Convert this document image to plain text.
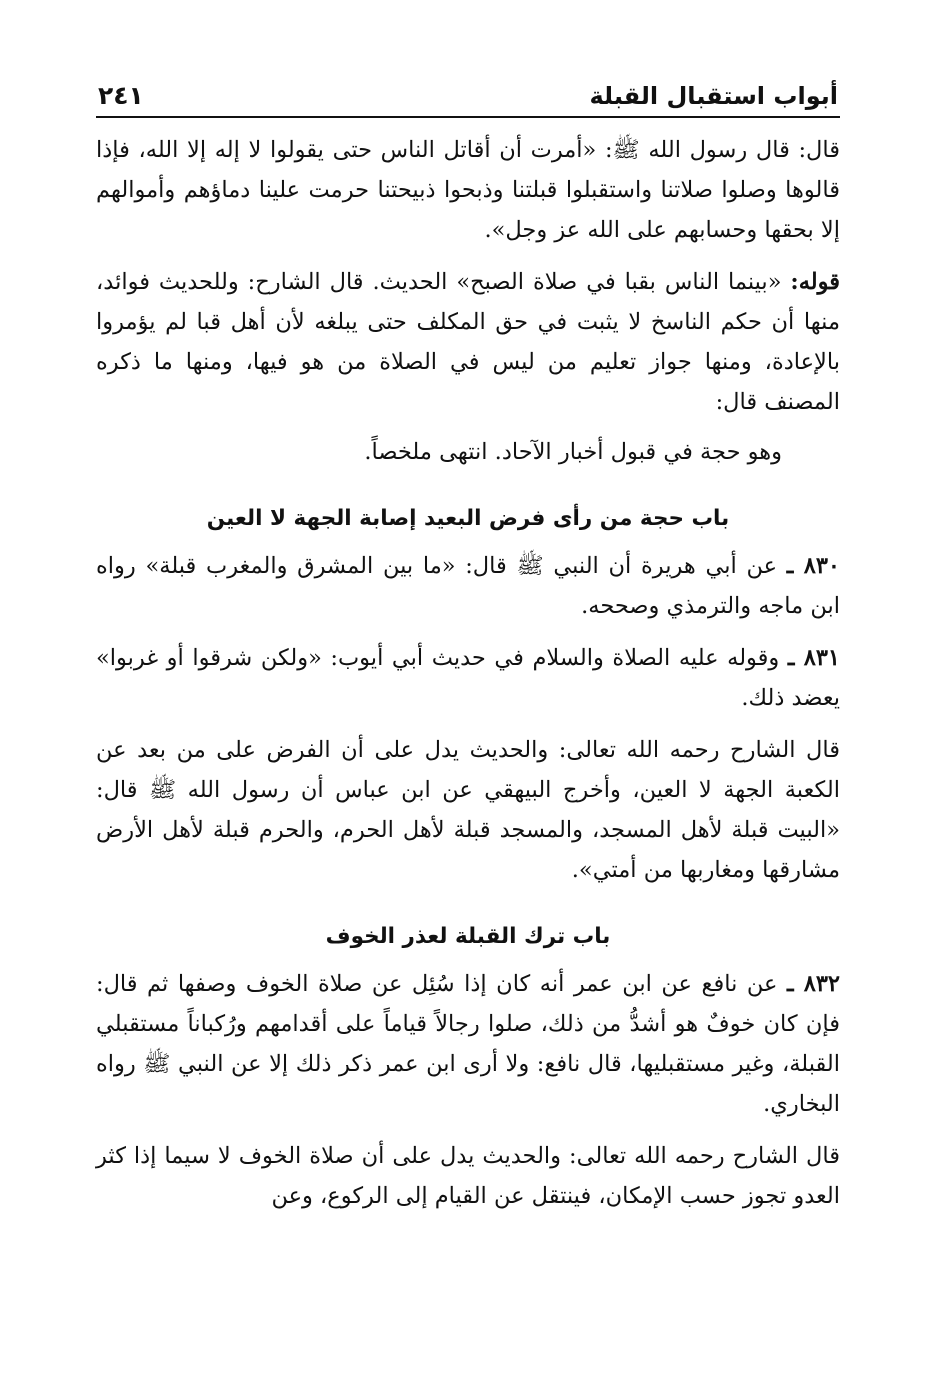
أبواب استقبال القبلة
٢٤١

قال: قال رسول الله ﷺ: «أمرت أن أقاتل الناس حتى يقولوا لا إله إلا الله، فإذا قالوها وصلوا صلاتنا واستقبلوا قبلتنا وذبحوا ذبيحتنا حرمت علينا دماؤهم وأموالهم إلا بحقها وحسابهم على الله عز وجل».

قوله: «بينما الناس بقبا في صلاة الصبح» الحديث. قال الشارح: وللحديث فوائد، منها أن حكم الناسخ لا يثبت في حق المكلف حتى يبلغه لأن أهل قبا لم يؤمروا بالإعادة، ومنها جواز تعليم من ليس في الصلاة من هو فيها، ومنها ما ذكره المصنف قال:

وهو حجة في قبول أخبار الآحاد. انتهى ملخصاً.

باب حجة من رأى فرض البعيد إصابة الجهة لا العين

٨٣٠ ـ عن أبي هريرة أن النبي ﷺ قال: «ما بين المشرق والمغرب قبلة» رواه ابن ماجه والترمذي وصححه.

٨٣١ ـ وقوله عليه الصلاة والسلام في حديث أبي أيوب: «ولكن شرقوا أو غربوا» يعضد ذلك.

قال الشارح رحمه الله تعالى: والحديث يدل على أن الفرض على من بعد عن الكعبة الجهة لا العين، وأخرج البيهقي عن ابن عباس أن رسول الله ﷺ قال: «البيت قبلة لأهل المسجد، والمسجد قبلة لأهل الحرم، والحرم قبلة لأهل الأرض مشارقها ومغاربها من أمتي».

باب ترك القبلة لعذر الخوف

٨٣٢ ـ عن نافع عن ابن عمر أنه كان إذا سُئِل عن صلاة الخوف وصفها ثم قال: فإن كان خوفٌ هو أشدُّ من ذلك، صلوا رجالاً قياماً على أقدامهم ورُكباناً مستقبلي القبلة، وغير مستقبليها، قال نافع: ولا أرى ابن عمر ذكر ذلك إلا عن النبي ﷺ رواه البخاري.

قال الشارح رحمه الله تعالى: والحديث يدل على أن صلاة الخوف لا سيما إذا كثر العدو تجوز حسب الإمكان، فينتقل عن القيام إلى الركوع، وعن
